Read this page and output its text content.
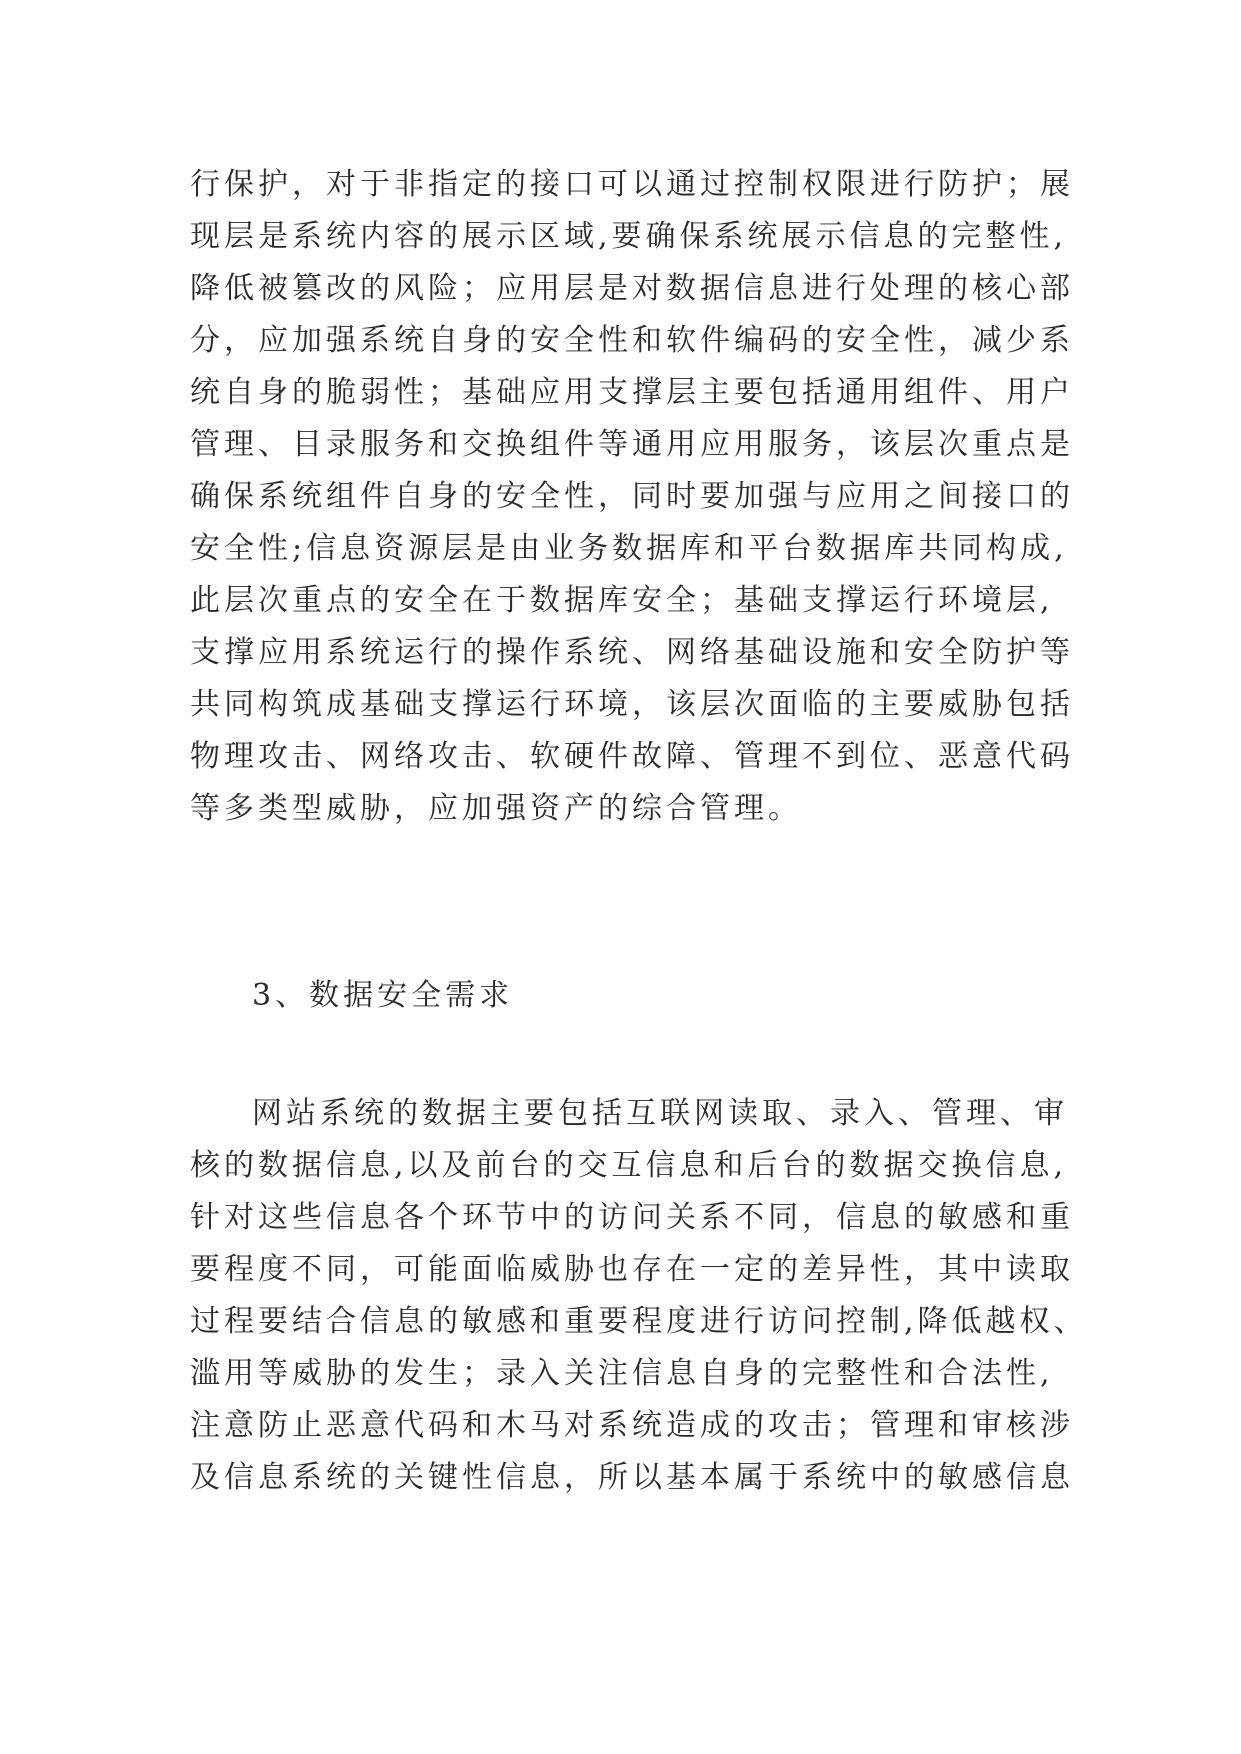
行保护，对于非指定的接口可以通过控制权限进行防护；展
现层是系统内容的展示区域,要确保系统展示信息的完整性,
降低被篡改的风险；应用层是对数据信息进行处理的核心部
分，应加强系统自身的安全性和软件编码的安全性，减少系
统自身的脆弱性；基础应用支撑层主要包括通用组件、用户
管理、目录服务和交换组件等通用应用服务，该层次重点是
确保系统组件自身的安全性，同时要加强与应用之间接口的
安全性;信息资源层是由业务数据库和平台数据库共同构成,
此层次重点的安全在于数据库安全；基础支撑运行环境层,
支撑应用系统运行的操作系统、网络基础设施和安全防护等
共同构筑成基础支撑运行环境，该层次面临的主要威胁包括
物理攻击、网络攻击、软硬件故障、管理不到位、恶意代码
等多类型威胁，应加强资产的综合管理。
3、数据安全需求
网站系统的数据主要包括互联网读取、录入、管理、审
核的数据信息,以及前台的交互信息和后台的数据交换信息,
针对这些信息各个环节中的访问关系不同，信息的敏感和重
要程度不同，可能面临威胁也存在一定的差异性，其中读取
过程要结合信息的敏感和重要程度进行访问控制,降低越权、
滥用等威胁的发生；录入关注信息自身的完整性和合法性,
注意防止恶意代码和木马对系统造成的攻击；管理和审核涉
及信息系统的关键性信息，所以基本属于系统中的敏感信息
